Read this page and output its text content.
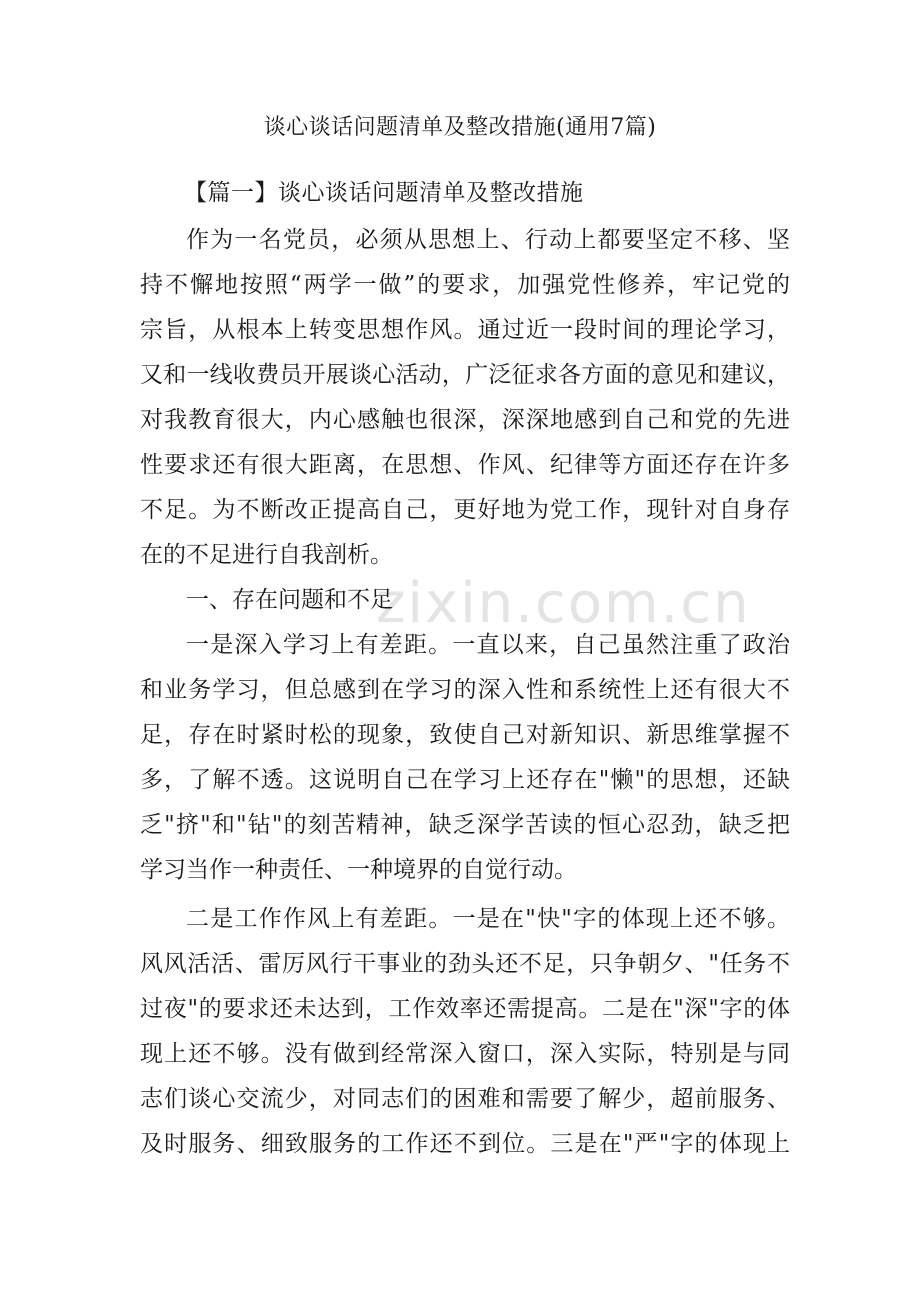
zixin.com.cn
谈心谈话问题清单及整改措施(通用7篇)
【篇一】谈心谈话问题清单及整改措施
作为一名党员，必须从思想上、行动上都要坚定不移、坚
持不懈地按照“两学一做”的要求，加强党性修养，牢记党的
宗旨，从根本上转变思想作风。通过近一段时间的理论学习，
又和一线收费员开展谈心活动，广泛征求各方面的意见和建议，
对我教育很大，内心感触也很深，深深地感到自己和党的先进
性要求还有很大距离，在思想、作风、纪律等方面还存在许多
不足。为不断改正提高自己，更好地为党工作，现针对自身存
在的不足进行自我剖析。
一、存在问题和不足
一是深入学习上有差距。一直以来，自己虽然注重了政治
和业务学习，但总感到在学习的深入性和系统性上还有很大不
足，存在时紧时松的现象，致使自己对新知识、新思维掌握不
多，了解不透。这说明自己在学习上还存在"懒"的思想，还缺
乏"挤"和"钻"的刻苦精神，缺乏深学苦读的恒心忍劲，缺乏把
学习当作一种责任、一种境界的自觉行动。
二是工作作风上有差距。一是在"快"字的体现上还不够。
风风活活、雷厉风行干事业的劲头还不足，只争朝夕、"任务不
过夜"的要求还未达到，工作效率还需提高。二是在"深"字的体
现上还不够。没有做到经常深入窗口，深入实际，特别是与同
志们谈心交流少，对同志们的困难和需要了解少，超前服务、
及时服务、细致服务的工作还不到位。三是在"严"字的体现上
